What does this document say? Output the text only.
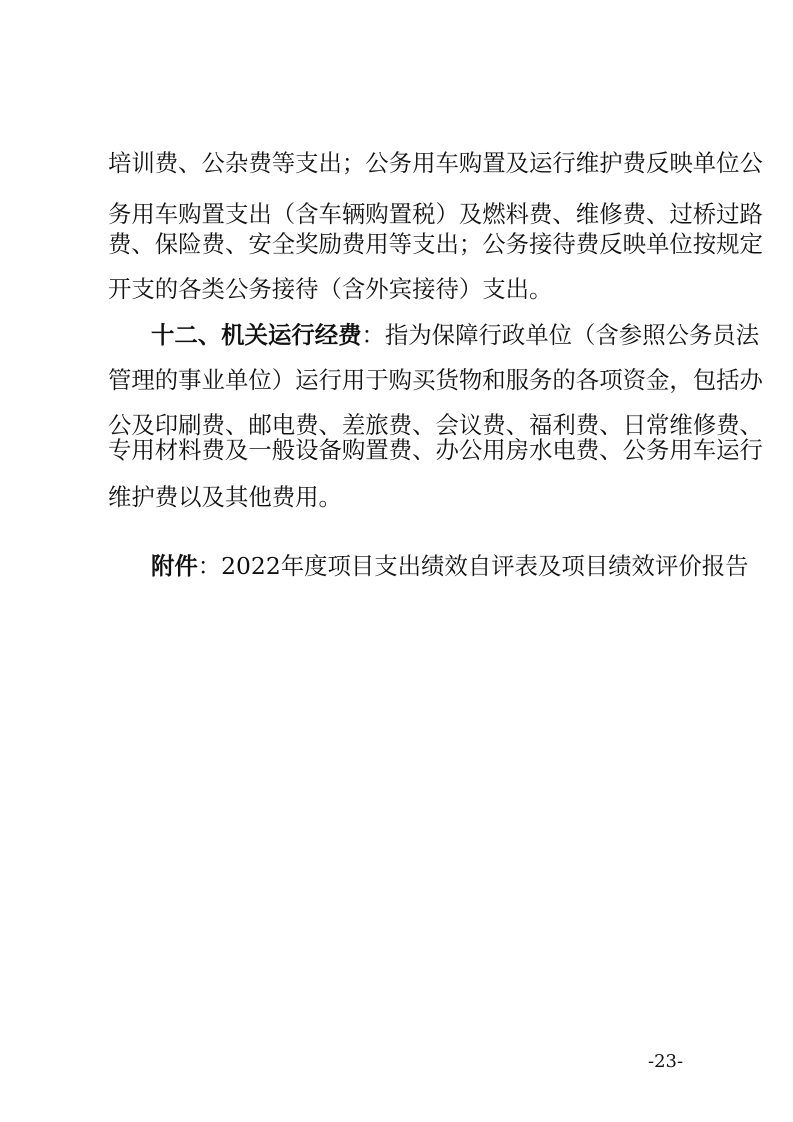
培训费、公杂费等支出；公务用车购置及运行维护费反映单位公
务用车购置支出（含车辆购置税）及燃料费、维修费、过桥过路
费、保险费、安全奖励费用等支出；公务接待费反映单位按规定
开支的各类公务接待（含外宾接待）支出。
十二、机关运行经费：指为保障行政单位（含参照公务员法
管理的事业单位）运行用于购买货物和服务的各项资金，包括办
公及印刷费、邮电费、差旅费、会议费、福利费、日常维修费、
专用材料费及一般设备购置费、办公用房水电费、公务用车运行
维护费以及其他费用。
附件：2022年度项目支出绩效自评表及项目绩效评价报告
-23-
